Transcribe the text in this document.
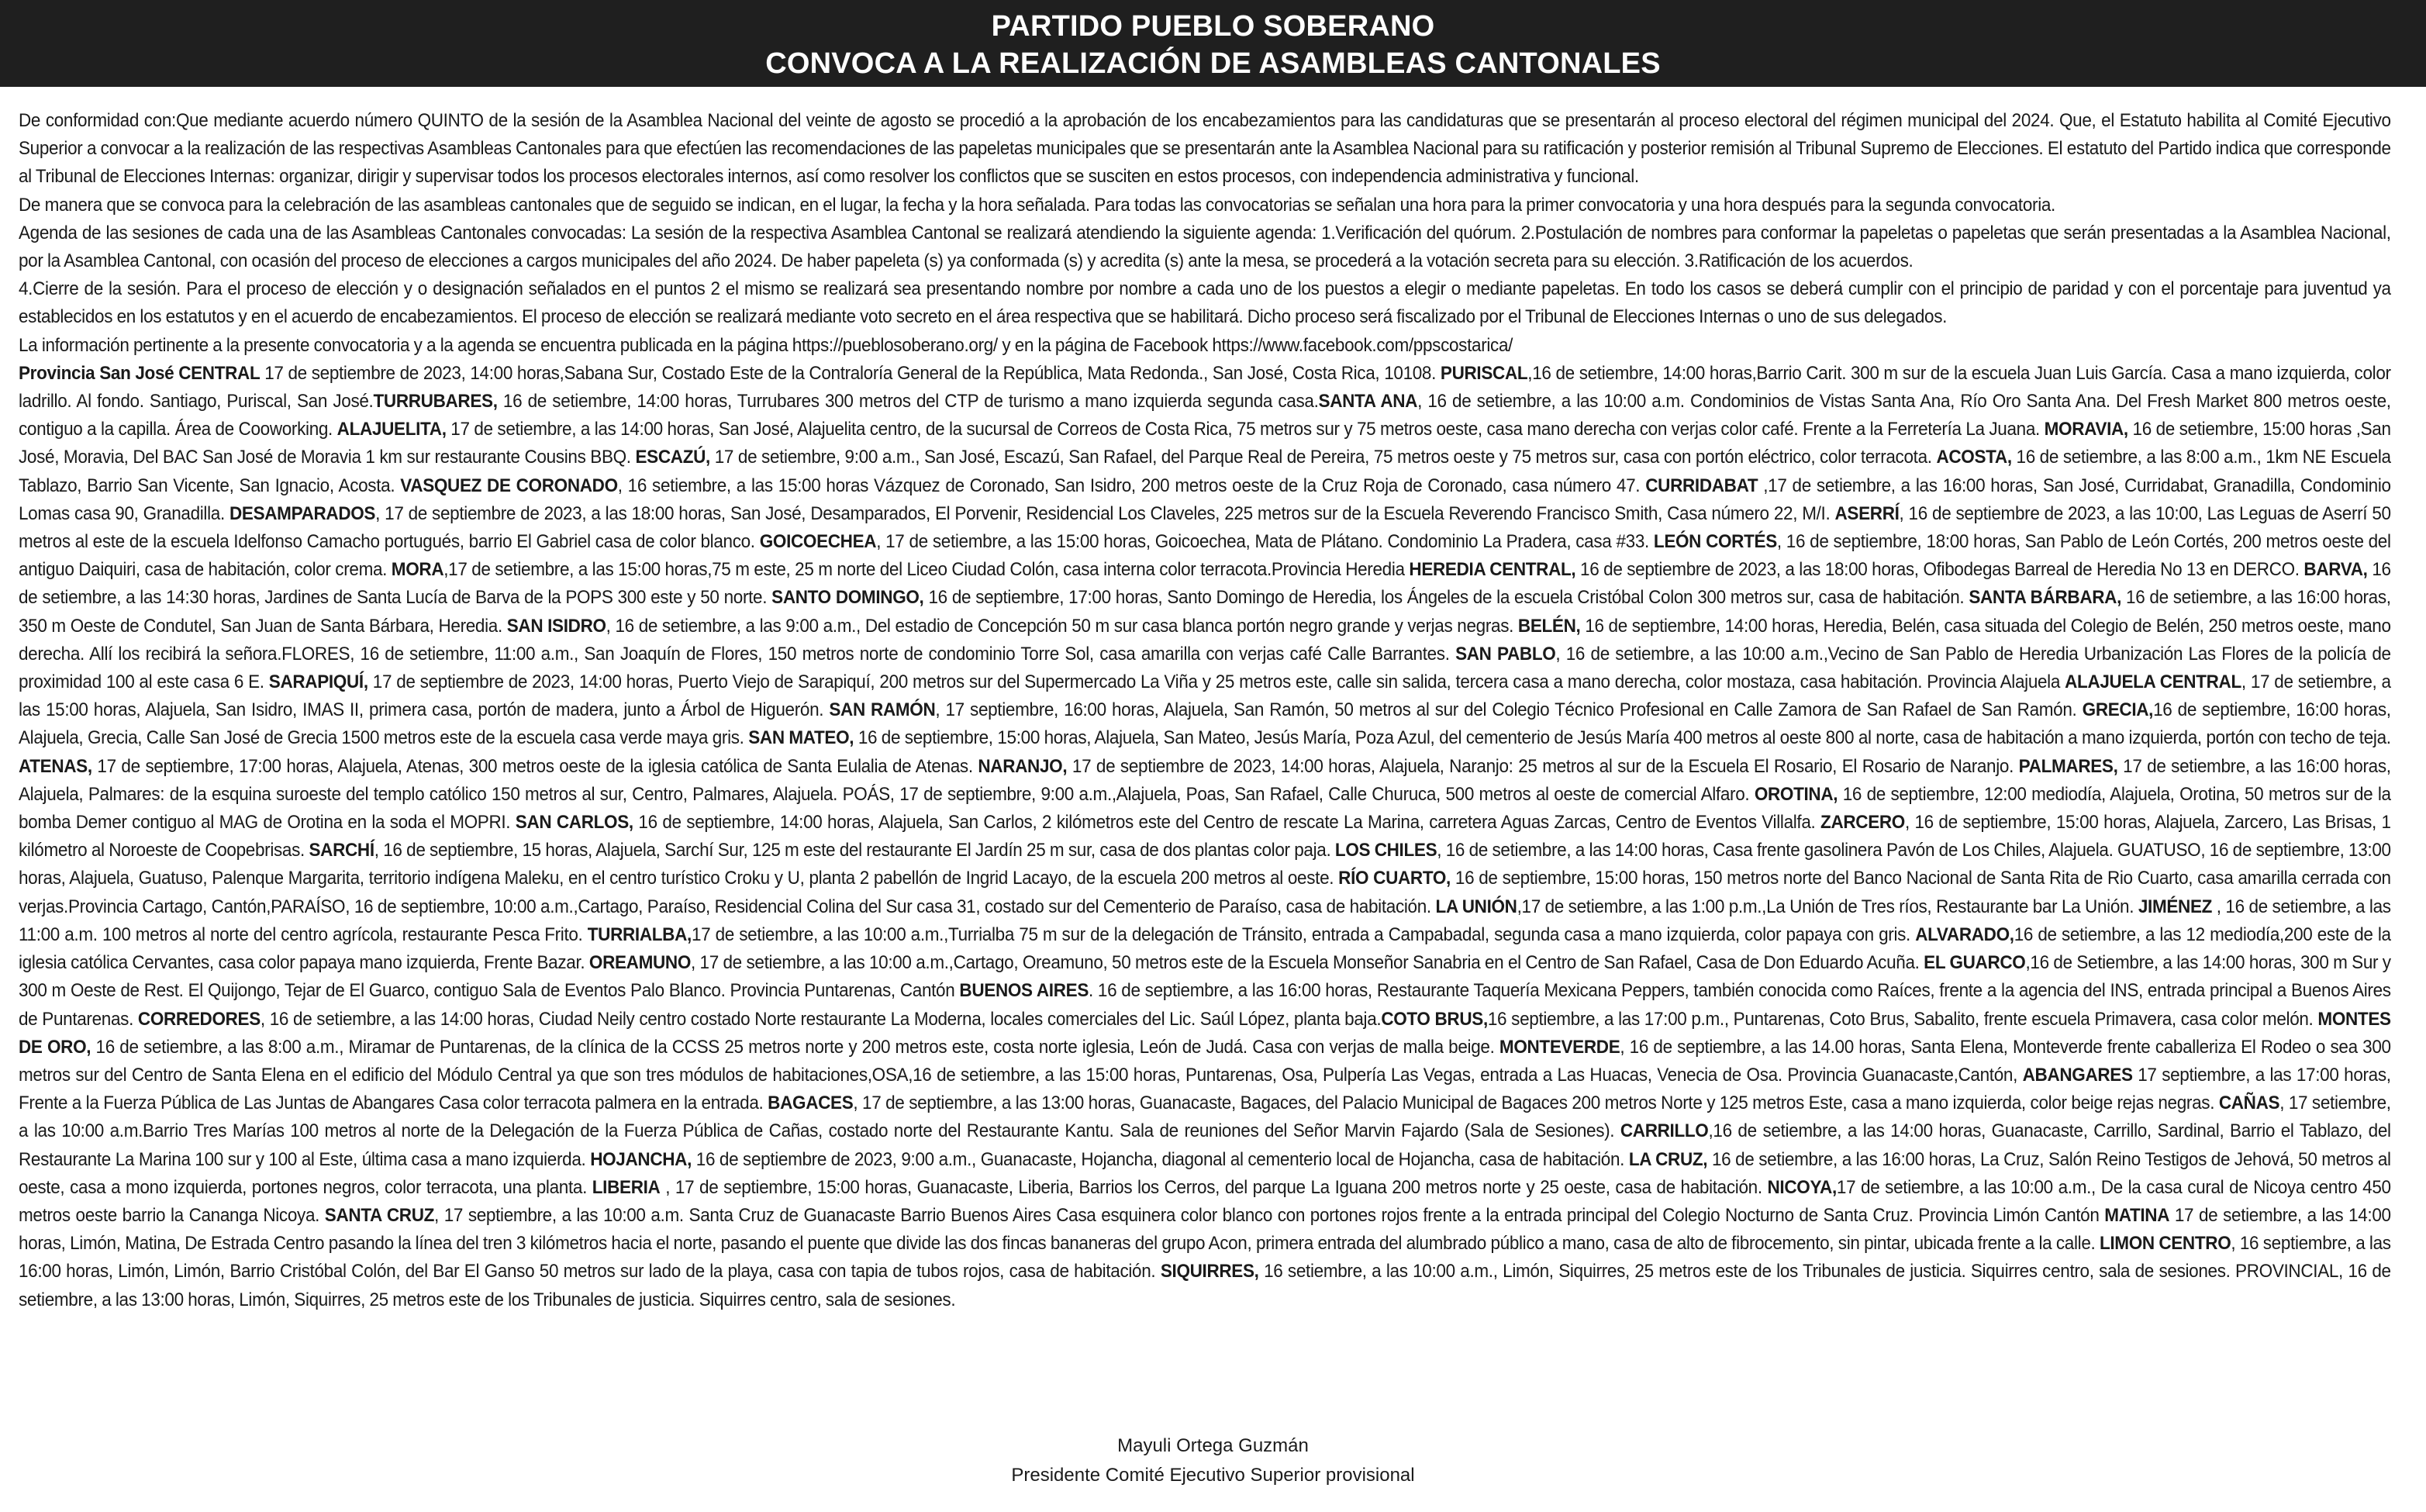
PARTIDO PUEBLO SOBERANO
CONVOCA A LA REALIZACIÓN DE ASAMBLEAS CANTONALES

De conformidad con:Que mediante acuerdo número QUINTO de la sesión de la Asamblea Nacional del veinte de agosto se procedió a la aprobación de los encabezamientos para las candidaturas que se presentarán al proceso electoral del régimen municipal del 2024. Que, el Estatuto habilita al Comité Ejecutivo Superior a convocar a la realización de las respectivas Asambleas Cantonales para que efectúen las recomendaciones de las papeletas municipales que se presentarán ante la Asamblea Nacional para su ratificación y posterior remisión al Tribunal Supremo de Elecciones. El estatuto del Partido indica que corresponde al Tribunal de Elecciones Internas: organizar, dirigir y supervisar todos los procesos electorales internos, así como resolver los conflictos que se susciten en estos procesos, con independencia administrativa y funcional.

De manera que se convoca para la celebración de las asambleas cantonales que de seguido se indican, en el lugar, la fecha y la hora señalada. Para todas las convocatorias se señalan una hora para la primer convocatoria y una hora después para la segunda convocatoria.

Agenda de las sesiones de cada una de las Asambleas Cantonales convocadas: La sesión de la respectiva Asamblea Cantonal se realizará atendiendo la siguiente agenda: 1.Verificación del quórum. 2.Postulación de nombres para conformar la papeletas o papeletas que serán presentadas a la Asamblea Nacional, por la Asamblea Cantonal, con ocasión del proceso de elecciones a cargos municipales del año 2024. De haber papeleta (s) ya conformada (s) y acredita (s) ante la mesa, se procederá a la votación secreta para su elección. 3.Ratificación de los acuerdos.

4.Cierre de la sesión. Para el proceso de elección y o designación señalados en el puntos 2 el mismo se realizará sea presentando nombre por nombre a cada uno de los puestos a elegir o mediante papeletas. En todo los casos se deberá cumplir con el principio de paridad y con el porcentaje para juventud ya establecidos en los estatutos y en el acuerdo de encabezamientos. El proceso de elección se realizará mediante voto secreto en el área respectiva que se habilitará. Dicho proceso será fiscalizado por el Tribunal de Elecciones Internas o uno de sus delegados.

La información pertinente a la presente convocatoria y a la agenda se encuentra publicada en la página https://pueblosoberano.org/ y en la página de Facebook https://www.facebook.com/ppscostarica/

Provincia San José CENTRAL 17 de septiembre de 2023, 14:00 horas,Sabana Sur, Costado Este de la Contraloría General de la República, Mata Redonda., San José, Costa Rica, 10108. PURISCAL,16 de setiembre, 14:00 horas,Barrio Carit. 300 m sur de la escuela Juan Luis García. Casa a mano izquierda, color ladrillo. Al fondo. Santiago, Puriscal, San José.TURRUBARES, 16 de setiembre, 14:00 horas, Turrubares 300 metros del CTP de turismo a mano izquierda segunda casa.SANTA ANA, 16 de setiembre, a las 10:00 a.m. Condominios de Vistas Santa Ana, Río Oro Santa Ana. Del Fresh Market 800 metros oeste, contiguo a la capilla. Área de Cooworking. ALAJUELITA, 17 de setiembre, a las 14:00 horas, San José, Alajuelita centro, de la sucursal de Correos de Costa Rica, 75 metros sur y 75 metros oeste, casa mano derecha con verjas color café. Frente a la Ferretería La Juana. MORAVIA, 16 de setiembre, 15:00 horas ,San José, Moravia, Del BAC San José de Moravia 1 km sur restaurante Cousins BBQ. ESCAZÚ, 17 de setiembre, 9:00 a.m., San José, Escazú, San Rafael, del Parque Real de Pereira, 75 metros oeste y 75 metros sur, casa con portón eléctrico, color terracota. ACOSTA, 16 de setiembre, a las 8:00 a.m., 1km NE Escuela Tablazo, Barrio San Vicente, San Ignacio, Acosta. VASQUEZ DE CORONADO, 16 setiembre, a las 15:00 horas Vázquez de Coronado, San Isidro, 200 metros oeste de la Cruz Roja de Coronado, casa número 47. CURRIDABAT ,17 de setiembre, a las 16:00 horas, San José, Curridabat, Granadilla, Condominio Lomas casa 90, Granadilla. DESAMPARADOS, 17 de septiembre de 2023, a las 18:00 horas, San José, Desamparados, El Porvenir, Residencial Los Claveles, 225 metros sur de la Escuela Reverendo Francisco Smith, Casa número 22, M/I. ASERRÍ, 16 de septiembre de 2023, a las 10:00, Las Leguas de Aserrí 50 metros al este de la escuela Idelfonso Camacho portugués, barrio El Gabriel casa de color blanco. GOICOECHEA, 17 de setiembre, a las 15:00 horas, Goicoechea, Mata de Plátano. Condominio La Pradera, casa #33. LEÓN CORTÉS, 16 de septiembre, 18:00 horas, San Pablo de León Cortés, 200 metros oeste del antiguo Daiquiri, casa de habitación, color crema. MORA,17 de setiembre, a las 15:00 horas,75 m este, 25 m norte del Liceo Ciudad Colón, casa interna color terracota.Provincia Heredia HEREDIA CENTRAL, 16 de septiembre de 2023, a las 18:00 horas, Ofibodegas Barreal de Heredia No 13 en DERCO. BARVA, 16 de setiembre, a las 14:30 horas, Jardines de Santa Lucía de Barva de la POPS 300 este y 50 norte. SANTO DOMINGO, 16 de septiembre, 17:00 horas, Santo Domingo de Heredia, los Ángeles de la escuela Cristóbal Colon 300 metros sur, casa de habitación. SANTA BÁRBARA, 16 de setiembre, a las 16:00 horas, 350 m Oeste de Condutel, San Juan de Santa Bárbara, Heredia. SAN ISIDRO, 16 de setiembre, a las 9:00 a.m., Del estadio de Concepción 50 m sur casa blanca portón negro grande y verjas negras. BELÉN, 16 de septiembre, 14:00 horas, Heredia, Belén, casa situada del Colegio de Belén, 250 metros oeste, mano derecha. Allí los recibirá la señora.FLORES, 16 de setiembre, 11:00 a.m., San Joaquín de Flores, 150 metros norte de condominio Torre Sol, casa amarilla con verjas café Calle Barrantes. SAN PABLO, 16 de setiembre, a las 10:00 a.m.,Vecino de San Pablo de Heredia Urbanización Las Flores de la policía de proximidad 100 al este casa 6 E. SARAPIQUÍ, 17 de septiembre de 2023, 14:00 horas, Puerto Viejo de Sarapiquí, 200 metros sur del Supermercado La Viña y 25 metros este, calle sin salida, tercera casa a mano derecha, color mostaza, casa habitación. Provincia Alajuela ALAJUELA CENTRAL, 17 de setiembre, a las 15:00 horas, Alajuela, San Isidro, IMAS II, primera casa, portón de madera, junto a Árbol de Higuerón. SAN RAMÓN, 17 septiembre, 16:00 horas, Alajuela, San Ramón, 50 metros al sur del Colegio Técnico Profesional en Calle Zamora de San Rafael de San Ramón. GRECIA,16 de septiembre, 16:00 horas, Alajuela, Grecia, Calle San José de Grecia 1500 metros este de la escuela casa verde maya gris. SAN MATEO, 16 de septiembre, 15:00 horas, Alajuela, San Mateo, Jesús María, Poza Azul, del cementerio de Jesús María 400 metros al oeste 800 al norte, casa de habitación a mano izquierda, portón con techo de teja. ATENAS, 17 de septiembre, 17:00 horas, Alajuela, Atenas, 300 metros oeste de la iglesia católica de Santa Eulalia de Atenas. NARANJO, 17 de septiembre de 2023, 14:00 horas, Alajuela, Naranjo: 25 metros al sur de la Escuela El Rosario, El Rosario de Naranjo. PALMARES, 17 de setiembre, a las 16:00 horas, Alajuela, Palmares: de la esquina suroeste del templo católico 150 metros al sur, Centro, Palmares, Alajuela. POÁS, 17 de septiembre, 9:00 a.m.,Alajuela, Poas, San Rafael, Calle Churuca, 500 metros al oeste de comercial Alfaro. OROTINA, 16 de septiembre, 12:00 mediodía, Alajuela, Orotina, 50 metros sur de la bomba Demer contiguo al MAG de Orotina en la soda el MOPRI. SAN CARLOS, 16 de septiembre, 14:00 horas, Alajuela, San Carlos, 2 kilómetros este del Centro de rescate La Marina, carretera Aguas Zarcas, Centro de Eventos Villalfa. ZARCERO, 16 de septiembre, 15:00 horas, Alajuela, Zarcero, Las Brisas, 1 kilómetro al Noroeste de Coopebrisas. SARCHÍ, 16 de septiembre, 15 horas, Alajuela, Sarchí Sur, 125 m este del restaurante El Jardín 25 m sur, casa de dos plantas color paja. LOS CHILES, 16 de setiembre, a las 14:00 horas, Casa frente gasolinera Pavón de Los Chiles, Alajuela. GUATUSO, 16 de septiembre, 13:00 horas, Alajuela, Guatuso, Palenque Margarita, territorio indígena Maleku, en el centro turístico Croku y U, planta 2 pabellón de Ingrid Lacayo, de la escuela 200 metros al oeste. RÍO CUARTO, 16 de septiembre, 15:00 horas, 150 metros norte del Banco Nacional de Santa Rita de Rio Cuarto, casa amarilla cerrada con verjas.Provincia Cartago, Cantón,PARAÍSO, 16 de septiembre, 10:00 a.m.,Cartago, Paraíso, Residencial Colina del Sur casa 31, costado sur del Cementerio de Paraíso, casa de habitación. LA UNIÓN,17 de setiembre, a las 1:00 p.m.,La Unión de Tres ríos, Restaurante bar La Unión. JIMÉNEZ , 16 de setiembre, a las 11:00 a.m. 100 metros al norte del centro agrícola, restaurante Pesca Frito. TURRIALBA,17 de setiembre, a las 10:00 a.m.,Turrialba 75 m sur de la delegación de Tránsito, entrada a Campabadal, segunda casa a mano izquierda, color papaya con gris. ALVARADO,16 de setiembre, a las 12 mediodía,200 este de la iglesia católica Cervantes, casa color papaya mano izquierda, Frente Bazar. OREAMUNO, 17 de setiembre, a las 10:00 a.m.,Cartago, Oreamuno, 50 metros este de la Escuela Monseñor Sanabria en el Centro de San Rafael, Casa de Don Eduardo Acuña. EL GUARCO,16 de Setiembre, a las 14:00 horas, 300 m Sur y 300 m Oeste de Rest. El Quijongo, Tejar de El Guarco, contiguo Sala de Eventos Palo Blanco. Provincia Puntarenas, Cantón BUENOS AIRES. 16 de septiembre, a las 16:00 horas, Restaurante Taquería Mexicana Peppers, también conocida como Raíces, frente a la agencia del INS, entrada principal a Buenos Aires de Puntarenas. CORREDORES, 16 de setiembre, a las 14:00 horas, Ciudad Neily centro costado Norte restaurante La Moderna, locales comerciales del Lic. Saúl López, planta baja.COTO BRUS,16 septiembre, a las 17:00 p.m., Puntarenas, Coto Brus, Sabalito, frente escuela Primavera, casa color melón. MONTES DE ORO, 16 de setiembre, a las 8:00 a.m., Miramar de Puntarenas, de la clínica de la CCSS 25 metros norte y 200 metros este, costa norte iglesia, León de Judá. Casa con verjas de malla beige. MONTEVERDE, 16 de septiembre, a las 14.00 horas, Santa Elena, Monteverde frente caballeriza El Rodeo o sea 300 metros sur del Centro de Santa Elena en el edificio del Módulo Central ya que son tres módulos de habitaciones,OSA,16 de setiembre, a las 15:00 horas, Puntarenas, Osa, Pulpería Las Vegas, entrada a Las Huacas, Venecia de Osa. Provincia Guanacaste,Cantón, ABANGARES 17 septiembre, a las 17:00 horas, Frente a la Fuerza Pública de Las Juntas de Abangares Casa color terracota palmera en la entrada. BAGACES, 17 de septiembre, a las 13:00 horas, Guanacaste, Bagaces, del Palacio Municipal de Bagaces 200 metros Norte y 125 metros Este, casa a mano izquierda, color beige rejas negras. CAÑAS, 17 setiembre, a las 10:00 a.m.Barrio Tres Marías 100 metros al norte de la Delegación de la Fuerza Pública de Cañas, costado norte del Restaurante Kantu. Sala de reuniones del Señor Marvin Fajardo (Sala de Sesiones). CARRILLO,16 de setiembre, a las 14:00 horas, Guanacaste, Carrillo, Sardinal, Barrio el Tablazo, del Restaurante La Marina 100 sur y 100 al Este, última casa a mano izquierda. HOJANCHA, 16 de septiembre de 2023, 9:00 a.m., Guanacaste, Hojancha, diagonal al cementerio local de Hojancha, casa de habitación. LA CRUZ, 16 de setiembre, a las 16:00 horas, La Cruz, Salón Reino Testigos de Jehová, 50 metros al oeste, casa a mono izquierda, portones negros, color terracota, una planta. LIBERIA , 17 de septiembre, 15:00 horas, Guanacaste, Liberia, Barrios los Cerros, del parque La Iguana 200 metros norte y 25 oeste, casa de habitación. NICOYA,17 de setiembre, a las 10:00 a.m., De la casa cural de Nicoya centro 450 metros oeste barrio la Cananga Nicoya. SANTA CRUZ, 17 septiembre, a las 10:00 a.m. Santa Cruz de Guanacaste Barrio Buenos Aires Casa esquinera color blanco con portones rojos frente a la entrada principal del Colegio Nocturno de Santa Cruz. Provincia Limón Cantón MATINA 17 de setiembre, a las 14:00 horas, Limón, Matina, De Estrada Centro pasando la línea del tren 3 kilómetros hacia el norte, pasando el puente que divide las dos fincas bananeras del grupo Acon, primera entrada del alumbrado público a mano, casa de alto de fibrocemento, sin pintar, ubicada frente a la calle. LIMON CENTRO, 16 septiembre, a las 16:00 horas, Limón, Limón, Barrio Cristóbal Colón, del Bar El Ganso 50 metros sur lado de la playa, casa con tapia de tubos rojos, casa de habitación. SIQUIRRES, 16 setiembre, a las 10:00 a.m., Limón, Siquirres, 25 metros este de los Tribunales de justicia. Siquirres centro, sala de sesiones. PROVINCIAL, 16 de setiembre, a las 13:00 horas, Limón, Siquirres, 25 metros este de los Tribunales de justicia. Siquirres centro, sala de sesiones.

Mayuli Ortega Guzmán
Presidente Comité Ejecutivo Superior provisional
